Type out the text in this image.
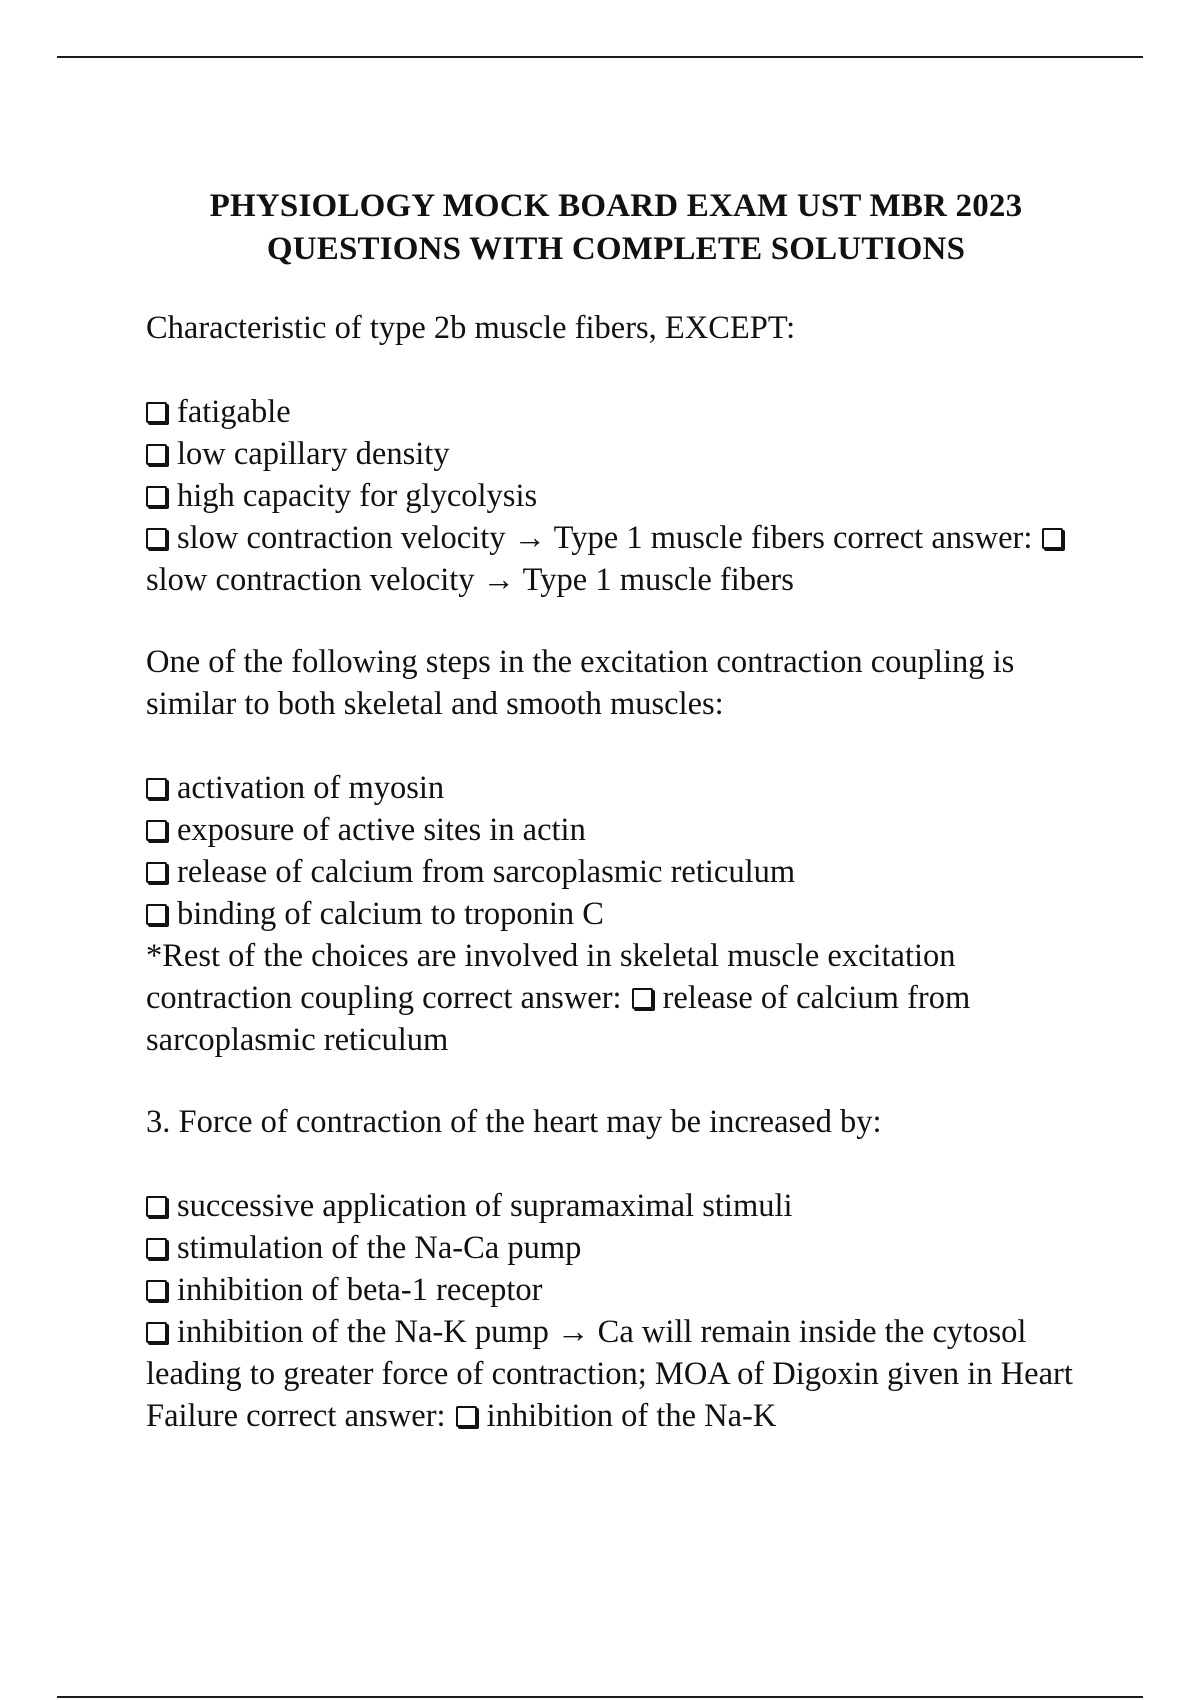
PHYSIOLOGY MOCK BOARD EXAM UST MBR 2023
QUESTIONS WITH COMPLETE SOLUTIONS

Characteristic of type 2b muscle fibers, EXCEPT:

fatigable

low capillary density

high capacity for glycolysis

slow contraction velocity → Type 1 muscle fibers correct answer:slow contraction velocity → Type 1 muscle fibers

One of the following steps in the excitation contraction coupling is similar to both skeletal and smooth muscles:

activation of myosin

exposure of active sites in actin

release of calcium from sarcoplasmic reticulum

binding of calcium to troponin C

*Rest of the choices are involved in skeletal muscle excitation contraction coupling correct answer: release of calcium from sarcoplasmic reticulum

3. Force of contraction of the heart may be increased by:

successive application of supramaximal stimuli

stimulation of the Na-Ca pump

inhibition of beta-1 receptor

inhibition of the Na-K pump → Ca will remain inside the cytosol leading to greater force of contraction; MOA of Digoxin given in Heart Failure correct answer: inhibition of the Na-K
